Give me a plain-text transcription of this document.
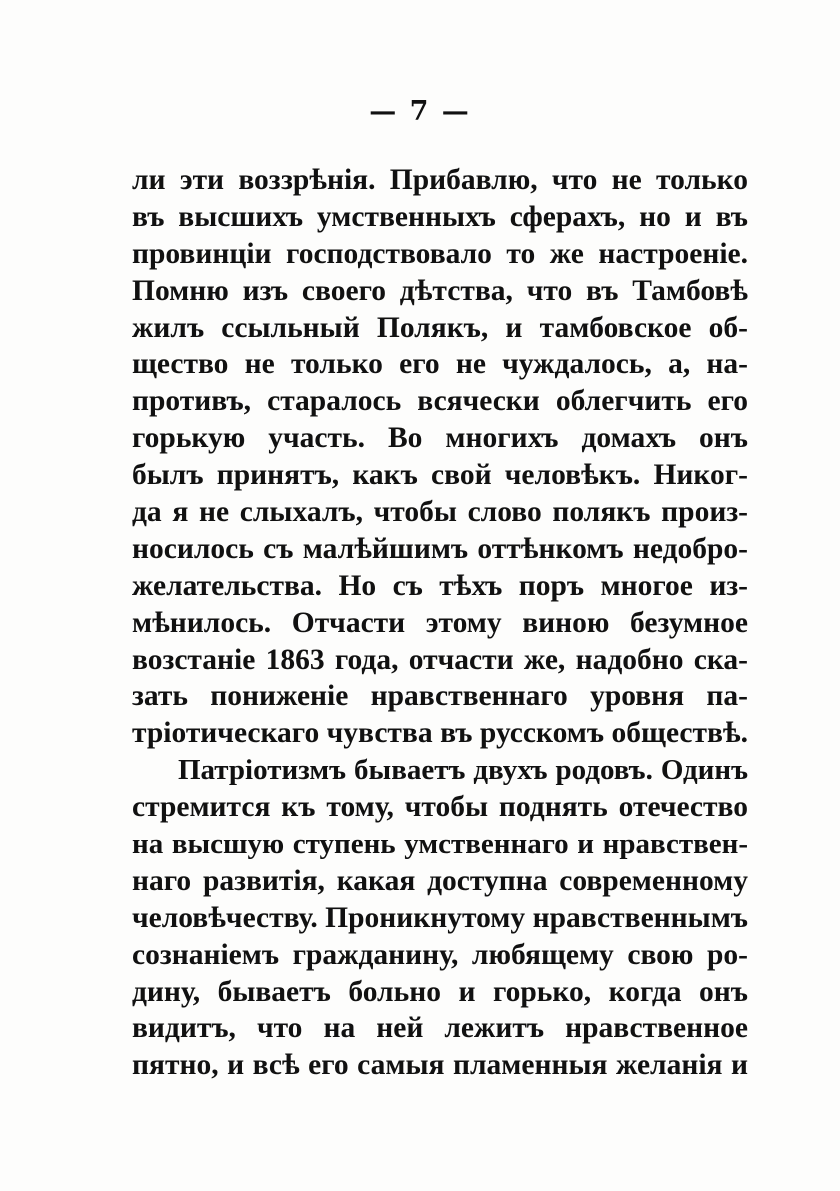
— 7 —
ли эти воззрѣнія. Прибавлю, что не только
въ высшихъ умственныхъ сферахъ, но и въ
провинціи господствовало то же настроеніе.
Помню изъ своего дѣтства, что въ Тамбовѣ
жилъ ссыльный Полякъ, и тамбовское об-
щество не только его не чуждалось, а, на-
противъ, старалось всячески облегчить его
горькую участь. Во многихъ домахъ онъ
былъ принятъ, какъ свой человѣкъ. Никог-
да я не слыхалъ, чтобы слово полякъ произ-
носилось съ малѣйшимъ оттѣнкомъ недобро-
желательства. Но съ тѣхъ поръ многое из-
мѣнилось. Отчасти этому виною безумное
возстаніе 1863 года, отчасти же, надобно ска-
зать пониженіе нравственнаго уровня па-
тріотическаго чувства въ русскомъ обществѣ.
Патріотизмъ бываетъ двухъ родовъ. Одинъ
стремится къ тому, чтобы поднять отечество
на высшую ступень умственнаго и нравствен-
наго развитія, какая доступна современному
человѣчеству. Проникнутому нравственнымъ
сознаніемъ гражданину, любящему свою ро-
дину, бываетъ больно и горько, когда онъ
видитъ, что на ней лежитъ нравственное
пятно, и всѣ его самыя пламенныя желанія и
